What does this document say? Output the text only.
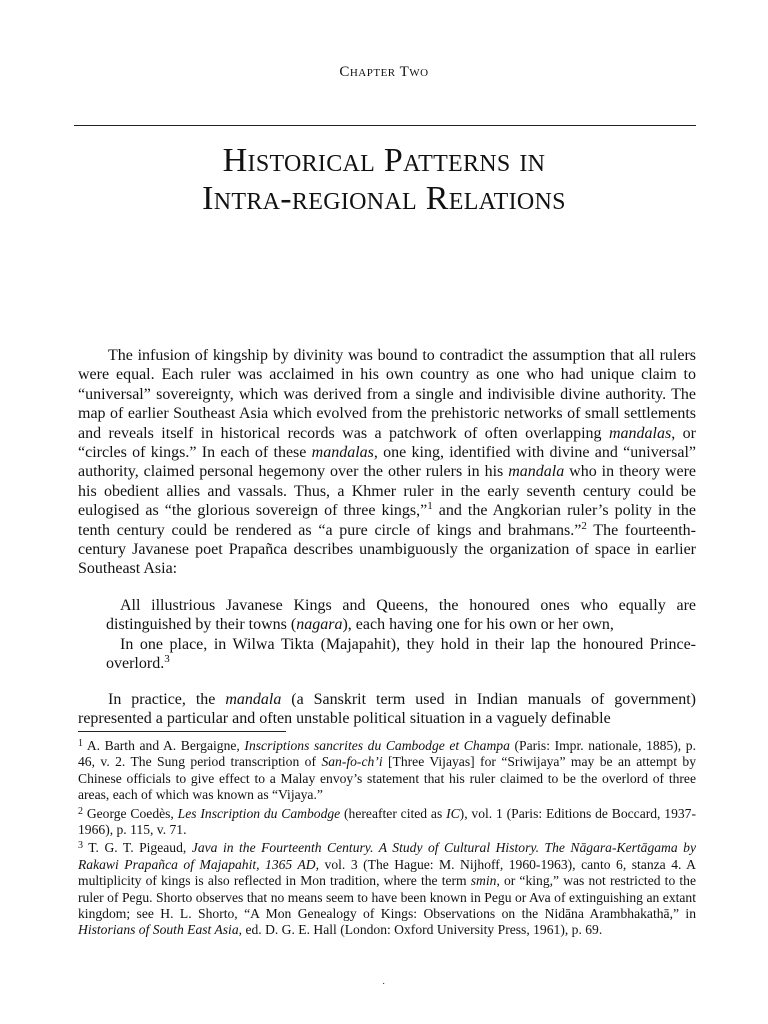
Chapter Two
Historical Patterns in
Intra-regional Relations

The infusion of kingship by divinity was bound to contradict the assumption that all rulers were equal. Each ruler was acclaimed in his own country as one who had unique claim to “universal” sovereignty, which was derived from a single and indivisible divine authority. The map of earlier Southeast Asia which evolved from the prehistoric networks of small settlements and reveals itself in historical records was a patchwork of often overlapping mandalas, or “circles of kings.” In each of these mandalas, one king, identified with divine and “universal” authority, claimed personal hegemony over the other rulers in his mandala who in theory were his obedient allies and vassals. Thus, a Khmer ruler in the early seventh century could be eulogised as “the glorious sovereign of three kings,”$^1$ and the Angkorian ruler’s polity in the tenth century could be rendered as “a pure circle of kings and brahmans.”$^2$ The fourteenth-century Javanese poet Prapañca describes unambiguously the organization of space in earlier Southeast Asia:

All illustrious Javanese Kings and Queens, the honoured ones who equally are distinguished by their towns (nagara), each having one for his own or her own,
In one place, in Wilwa Tikta (Majapahit), they hold in their lap the honoured Prince-overlord.$^3$

In practice, the mandala (a Sanskrit term used in Indian manuals of government) represented a particular and often unstable political situation in a vaguely definable

$^1$ A. Barth and A. Bergaigne, Inscriptions sancrites du Cambodge et Champa (Paris: Impr. nationale, 1885), p. 46, v. 2. The Sung period transcription of San-fo-ch’i [Three Vijayas] for “Sriwijaya” may be an attempt by Chinese officials to give effect to a Malay envoy’s statement that his ruler claimed to be the overlord of three areas, each of which was known as “Vijaya.”

$^2$ George Coedès, Les Inscription du Cambodge (hereafter cited as IC), vol. 1 (Paris: Editions de Boccard, 1937-1966), p. 115, v. 71.

$^3$ T. G. T. Pigeaud, Java in the Fourteenth Century. A Study of Cultural History. The Nāgara-Kertāgama by Rakawi Prapañca of Majapahit, 1365 AD, vol. 3 (The Hague: M. Nijhoff, 1960-1963), canto 6, stanza 4. A multiplicity of kings is also reflected in Mon tradition, where the term smin, or “king,” was not restricted to the ruler of Pegu. Shorto observes that no means seem to have been known in Pegu or Ava of extinguishing an extant kingdom; see H. L. Shorto, “A Mon Genealogy of Kings: Observations on the Nidāna Arambhakathā,” in Historians of South East Asia, ed. D. G. E. Hall (London: Oxford University Press, 1961), p. 69.

˙
